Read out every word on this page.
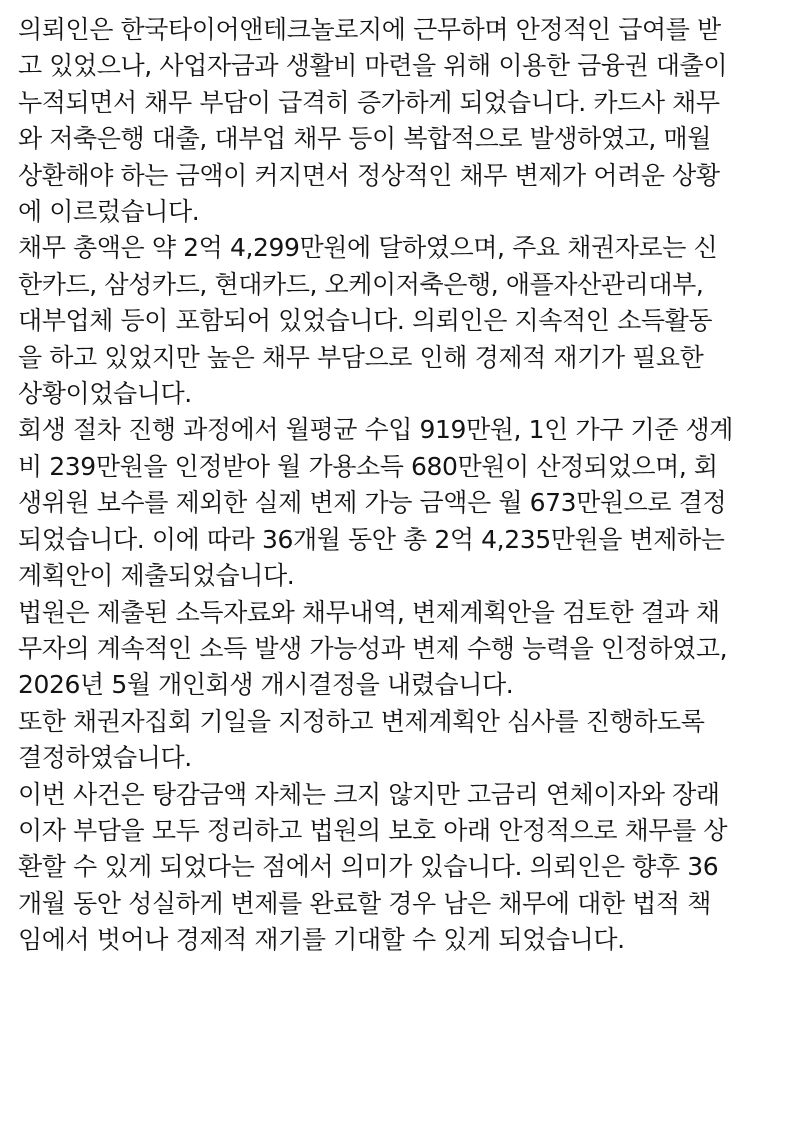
의뢰인은 한국타이어앤테크놀로지에 근무하며 안정적인 급여를 받
고 있었으나, 사업자금과 생활비 마련을 위해 이용한 금융권 대출이
누적되면서 채무 부담이 급격히 증가하게 되었습니다. 카드사 채무
와 저축은행 대출, 대부업 채무 등이 복합적으로 발생하였고, 매월
상환해야 하는 금액이 커지면서 정상적인 채무 변제가 어려운 상황
에 이르렀습니다.
채무 총액은 약 2억 4,299만원에 달하였으며, 주요 채권자로는 신
한카드, 삼성카드, 현대카드, 오케이저축은행, 애플자산관리대부,
대부업체 등이 포함되어 있었습니다. 의뢰인은 지속적인 소득활동
을 하고 있었지만 높은 채무 부담으로 인해 경제적 재기가 필요한
상황이었습니다.
회생 절차 진행 과정에서 월평균 수입 919만원, 1인 가구 기준 생계
비 239만원을 인정받아 월 가용소득 680만원이 산정되었으며, 회
생위원 보수를 제외한 실제 변제 가능 금액은 월 673만원으로 결정
되었습니다. 이에 따라 36개월 동안 총 2억 4,235만원을 변제하는
계획안이 제출되었습니다.
법원은 제출된 소득자료와 채무내역, 변제계획안을 검토한 결과 채
무자의 계속적인 소득 발생 가능성과 변제 수행 능력을 인정하였고,
2026년 5월 개인회생 개시결정을 내렸습니다.
또한 채권자집회 기일을 지정하고 변제계획안 심사를 진행하도록
결정하였습니다.
이번 사건은 탕감금액 자체는 크지 않지만 고금리 연체이자와 장래
이자 부담을 모두 정리하고 법원의 보호 아래 안정적으로 채무를 상
환할 수 있게 되었다는 점에서 의미가 있습니다. 의뢰인은 향후 36
개월 동안 성실하게 변제를 완료할 경우 남은 채무에 대한 법적 책
임에서 벗어나 경제적 재기를 기대할 수 있게 되었습니다.
